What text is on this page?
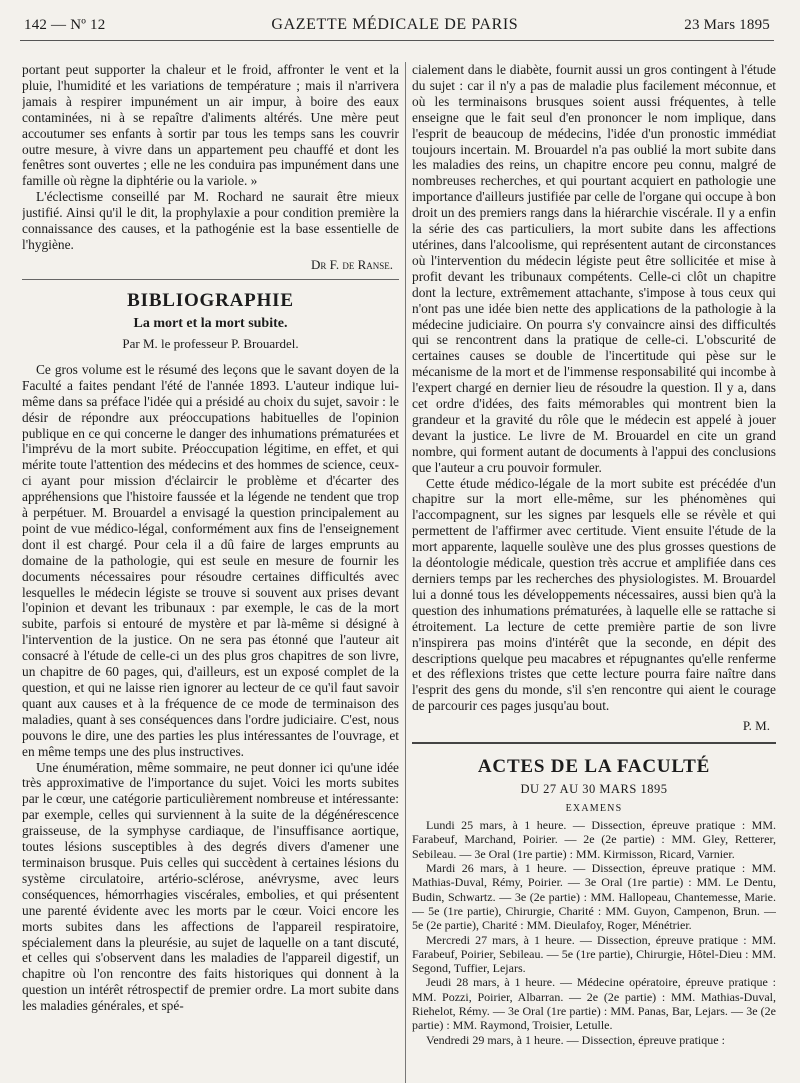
142 — Nº 12	GAZETTE MÉDICALE DE PARIS	23 Mars 1895

portant peut supporter la chaleur et le froid, affronter le vent et la pluie, l'humidité et les variations de température ; mais il n'arrivera jamais à respirer impunément un air impur, à boire des eaux contaminées, ni à se repaître d'aliments altérés. Une mère peut accoutumer ses enfants à sortir par tous les temps sans les couvrir outre mesure, à vivre dans un appartement peu chauffé et dont les fenêtres sont ouvertes ; elle ne les conduira pas impunément dans une famille où règne la diphtérie ou la variole. »

L'éclectisme conseillé par M. Rochard ne saurait être mieux justifié. Ainsi qu'il le dit, la prophylaxie a pour condition première la connaissance des causes, et la pathogénie est la base essentielle de l'hygiène.

Dr F. de Ranse.
BIBLIOGRAPHIE
La mort et la mort subite.
Par M. le professeur P. Brouardel.

Ce gros volume est le résumé des leçons que le savant doyen de la Faculté a faites pendant l'été de l'année 1893. L'auteur indique lui-même dans sa préface l'idée qui a présidé au choix du sujet, savoir : le désir de répondre aux préoccupations habituelles de l'opinion publique en ce qui concerne le danger des inhumations prématurées et l'imprévu de la mort subite. Préoccupation légitime, en effet, et qui mérite toute l'attention des médecins et des hommes de science, ceux-ci ayant pour mission d'éclaircir le problème et d'écarter des appréhensions que l'histoire faussée et la légende ne tendent que trop à perpétuer. M. Brouardel a envisagé la question principalement au point de vue médico-légal, conformément aux fins de l'enseignement dont il est chargé. Pour cela il a dû faire de larges emprunts au domaine de la pathologie, qui est seule en mesure de fournir les documents nécessaires pour résoudre certaines difficultés avec lesquelles le médecin légiste se trouve si souvent aux prises devant l'opinion et devant les tribunaux : par exemple, le cas de la mort subite, parfois si entouré de mystère et par là-même si désigné à l'intervention de la justice. On ne sera pas étonné que l'auteur ait consacré à l'étude de celle-ci un des plus gros chapitres de son livre, un chapitre de 60 pages, qui, d'ailleurs, est un exposé complet de la question, et qui ne laisse rien ignorer au lecteur de ce qu'il faut savoir quant aux causes et à la fréquence de ce mode de terminaison des maladies, quant à ses conséquences dans l'ordre judiciaire. C'est, nous pouvons le dire, une des parties les plus intéressantes de l'ouvrage, et en même temps une des plus instructives.

Une énumération, même sommaire, ne peut donner ici qu'une idée très approximative de l'importance du sujet. Voici les morts subites par le cœur, une catégorie particulièrement nombreuse et intéressante: par exemple, celles qui surviennent à la suite de la dégénérescence graisseuse, de la symphyse cardiaque, de l'insuffisance aortique, toutes lésions susceptibles à des degrés divers d'amener une terminaison brusque. Puis celles qui succèdent à certaines lésions du système circulatoire, artério-sclérose, anévrysme, avec leurs conséquences, hémorrhagies viscérales, embolies, et qui présentent une parenté évidente avec les morts par le cœur. Voici encore les morts subites dans les affections de l'appareil respiratoire, spécialement dans la pleurésie, au sujet de laquelle on a tant discuté, et celles qui s'observent dans les maladies de l'appareil digestif, un chapitre où l'on rencontre des faits historiques qui donnent à la question un intérêt rétrospectif de premier ordre. La mort subite dans les maladies générales, et spé-

cialement dans le diabète, fournit aussi un gros contingent à l'étude du sujet : car il n'y a pas de maladie plus facilement méconnue, et où les terminaisons brusques soient aussi fréquentes, à telle enseigne que le fait seul d'en prononcer le nom implique, dans l'esprit de beaucoup de médecins, l'idée d'un pronostic immédiat toujours incertain. M. Brouardel n'a pas oublié la mort subite dans les maladies des reins, un chapitre encore peu connu, malgré de nombreuses recherches, et qui pourtant acquiert en pathologie une importance d'ailleurs justifiée par celle de l'organe qui occupe à bon droit un des premiers rangs dans la hiérarchie viscérale. Il y a enfin la série des cas particuliers, la mort subite dans les affections utérines, dans l'alcoolisme, qui représentent autant de circonstances où l'intervention du médecin légiste peut être sollicitée et mise à profit devant les tribunaux compétents. Celle-ci clôt un chapitre dont la lecture, extrêmement attachante, s'impose à tous ceux qui n'ont pas une idée bien nette des applications de la pathologie à la médecine judiciaire. On pourra s'y convaincre ainsi des difficultés qui se rencontrent dans la pratique de celle-ci. L'obscurité de certaines causes se double de l'incertitude qui pèse sur le mécanisme de la mort et de l'immense responsabilité qui incombe à l'expert chargé en dernier lieu de résoudre la question. Il y a, dans cet ordre d'idées, des faits mémorables qui montrent bien la grandeur et la gravité du rôle que le médecin est appelé à jouer devant la justice. Le livre de M. Brouardel en cite un grand nombre, qui forment autant de documents à l'appui des conclusions que l'auteur a cru pouvoir formuler.

Cette étude médico-légale de la mort subite est précédée d'un chapitre sur la mort elle-même, sur les phénomènes qui l'accompagnent, sur les signes par lesquels elle se révèle et qui permettent de l'affirmer avec certitude. Vient ensuite l'étude de la mort apparente, laquelle soulève une des plus grosses questions de la déontologie médicale, question très accrue et amplifiée dans ces derniers temps par les recherches des physiologistes. M. Brouardel lui a donné tous les développements nécessaires, aussi bien qu'à la question des inhumations prématurées, à laquelle elle se rattache si étroitement. La lecture de cette première partie de son livre n'inspirera pas moins d'intérêt que la seconde, en dépit des descriptions quelque peu macabres et répugnantes qu'elle renferme et des réflexions tristes que cette lecture pourra faire naître dans l'esprit des gens du monde, s'il s'en rencontre qui aient le courage de parcourir ces pages jusqu'au bout.

P. M.
ACTES DE LA FACULTÉ
DU 27 AU 30 MARS 1895
EXAMENS

Lundi 25 mars, à 1 heure. — Dissection, épreuve pratique : MM. Farabeuf, Marchand, Poirier. — 2e (2e partie) : MM. Gley, Retterer, Sebileau. — 3e Oral (1re partie) : MM. Kirmisson, Ricard, Varnier.

Mardi 26 mars, à 1 heure. — Dissection, épreuve pratique : MM. Mathias-Duval, Rémy, Poirier. — 3e Oral (1re partie) : MM. Le Dentu, Budin, Schwartz. — 3e (2e partie) : MM. Hallopeau, Chantemesse, Marie. — 5e (1re partie), Chirurgie, Charité : MM. Guyon, Campenon, Brun. — 5e (2e partie), Charité : MM. Dieulafoy, Roger, Ménétrier.

Mercredi 27 mars, à 1 heure. — Dissection, épreuve pratique : MM. Farabeuf, Poirier, Sebileau. — 5e (1re partie), Chirurgie, Hôtel-Dieu : MM. Segond, Tuffier, Lejars.

Jeudi 28 mars, à 1 heure. — Médecine opératoire, épreuve pratique : MM. Pozzi, Poirier, Albarran. — 2e (2e partie) : MM. Mathias-Duval, Riehelot, Rémy. — 3e Oral (1re partie) : MM. Panas, Bar, Lejars. — 3e (2e partie) : MM. Raymond, Troisier, Letulle.

Vendredi 29 mars, à 1 heure. — Dissection, épreuve pratique :
